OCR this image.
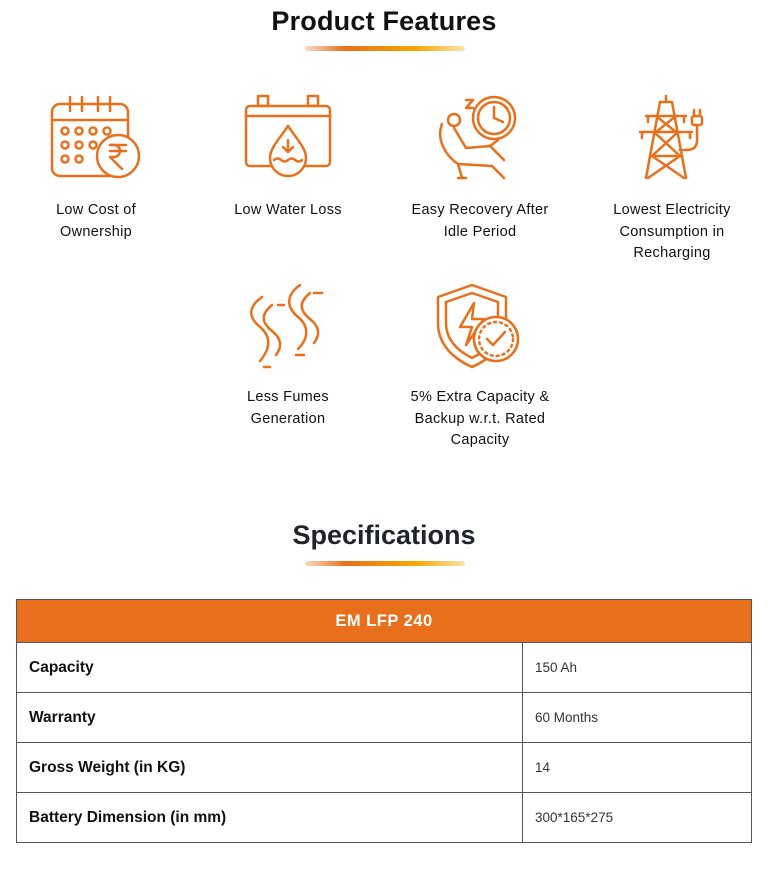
Product Features
Low Cost of Ownership
Low Water Loss	Easy Recovery After Idle Period
Lowest Electricity Consumption in Recharging
Less Fumes Generation
5% Extra Capacity & Backup w.r.t. Rated Capacity
Specifications
EM LFP 240	
Capacity	150 Ah
Warranty	60 Months
Gross Weight (in KG)	14
Battery Dimension (in mm)	300*165*275
